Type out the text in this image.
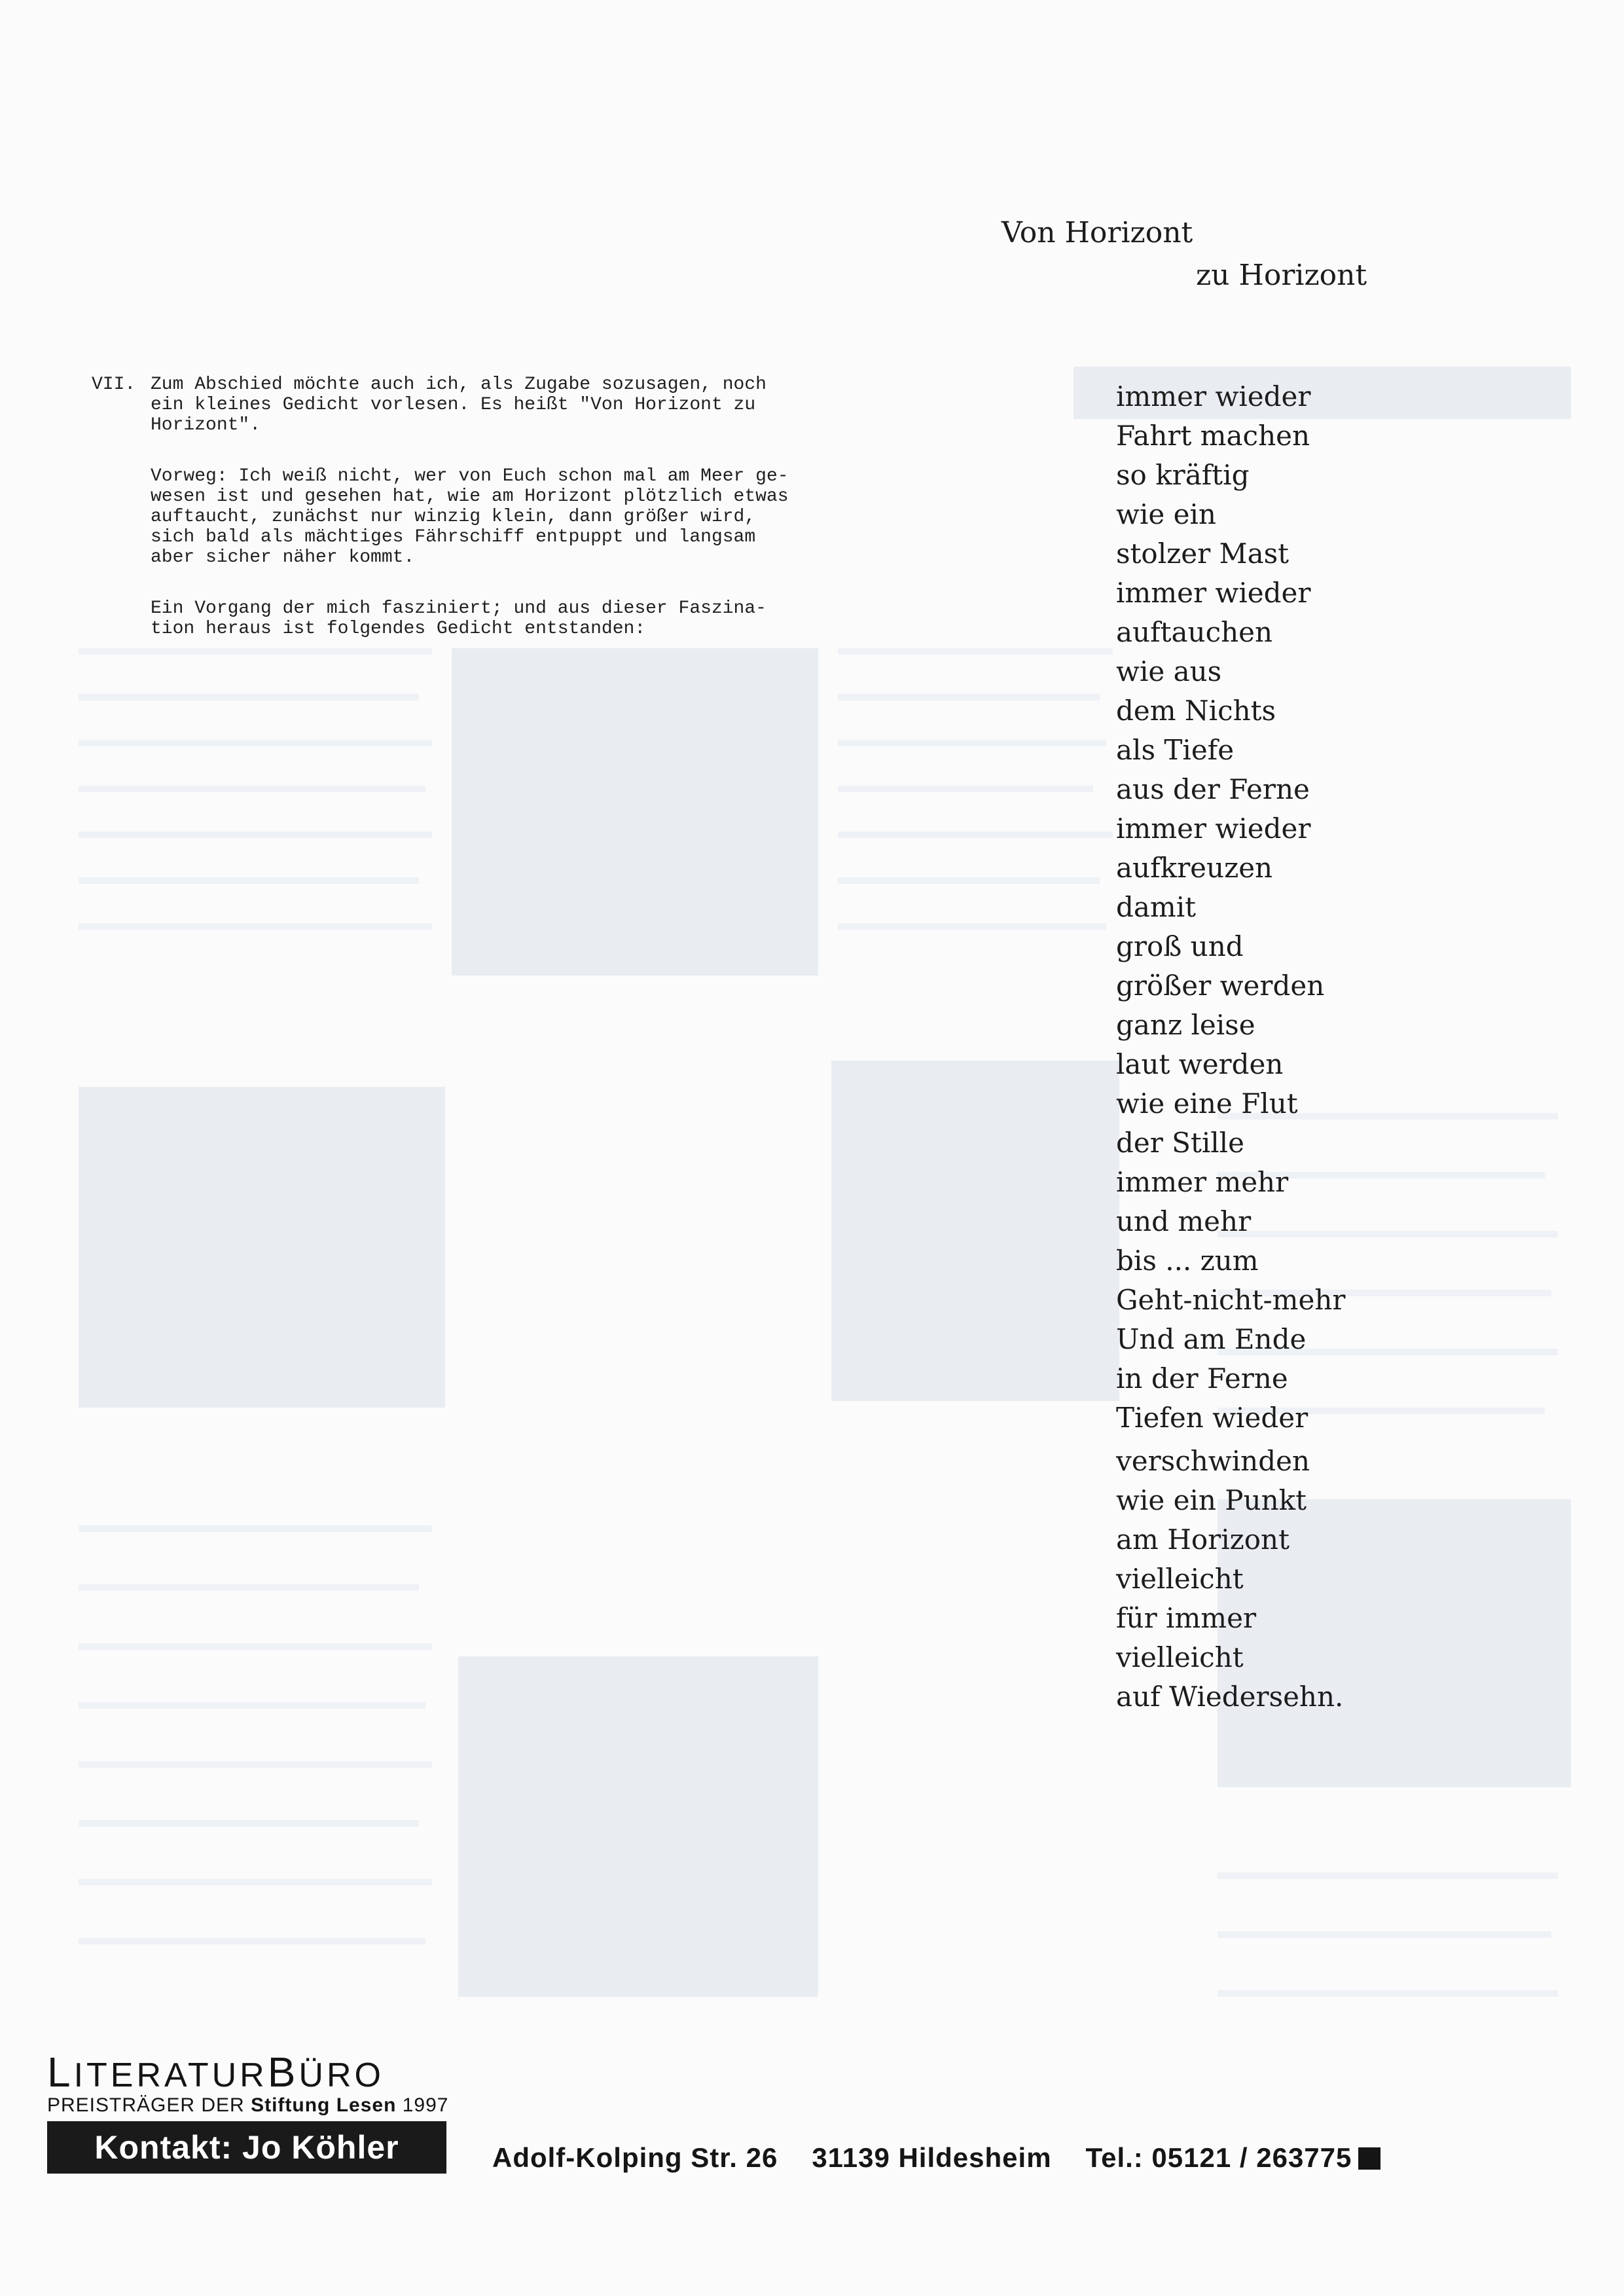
VII. Zum Abschied möchte auch ich, als Zugabe sozusagen, noch
ein kleines Gedicht vorlesen. Es heißt "Von Horizont zu
Horizont".
Vorweg: Ich weiß nicht, wer von Euch schon mal am Meer ge-
wesen ist und gesehen hat, wie am Horizont plötzlich etwas
auftaucht, zunächst nur winzig klein, dann größer wird,
sich bald als mächtiges Fährschiff entpuppt und langsam
aber sicher näher kommt.
Ein Vorgang der mich fasziniert; und aus dieser Faszina-
tion heraus ist folgendes Gedicht entstanden:
Von Horizont
zu Horizont
immer wieder
Fahrt machen
so kräftig
wie ein
stolzer Mast
immer wieder
auftauchen
wie aus
dem Nichts
als Tiefe
aus der Ferne
immer wieder
aufkreuzen
damit
groß und
größer werden
ganz leise
laut werden
wie eine Flut
der Stille
immer mehr
und mehr
bis ... zum
Geht-nicht-mehr
Und am Ende
in der Ferne
Tiefen wieder
verschwinden
wie ein Punkt
am Horizont
vielleicht
für immer
vielleicht
auf Wiedersehn.
LITERATURBÜRO
PREISTRÄGER DER Stiftung Lesen 1997
Kontakt: Jo Köhler	Adolf-Kolping Str. 26 31139 Hildesheim Tel.: 05121 / 263775
